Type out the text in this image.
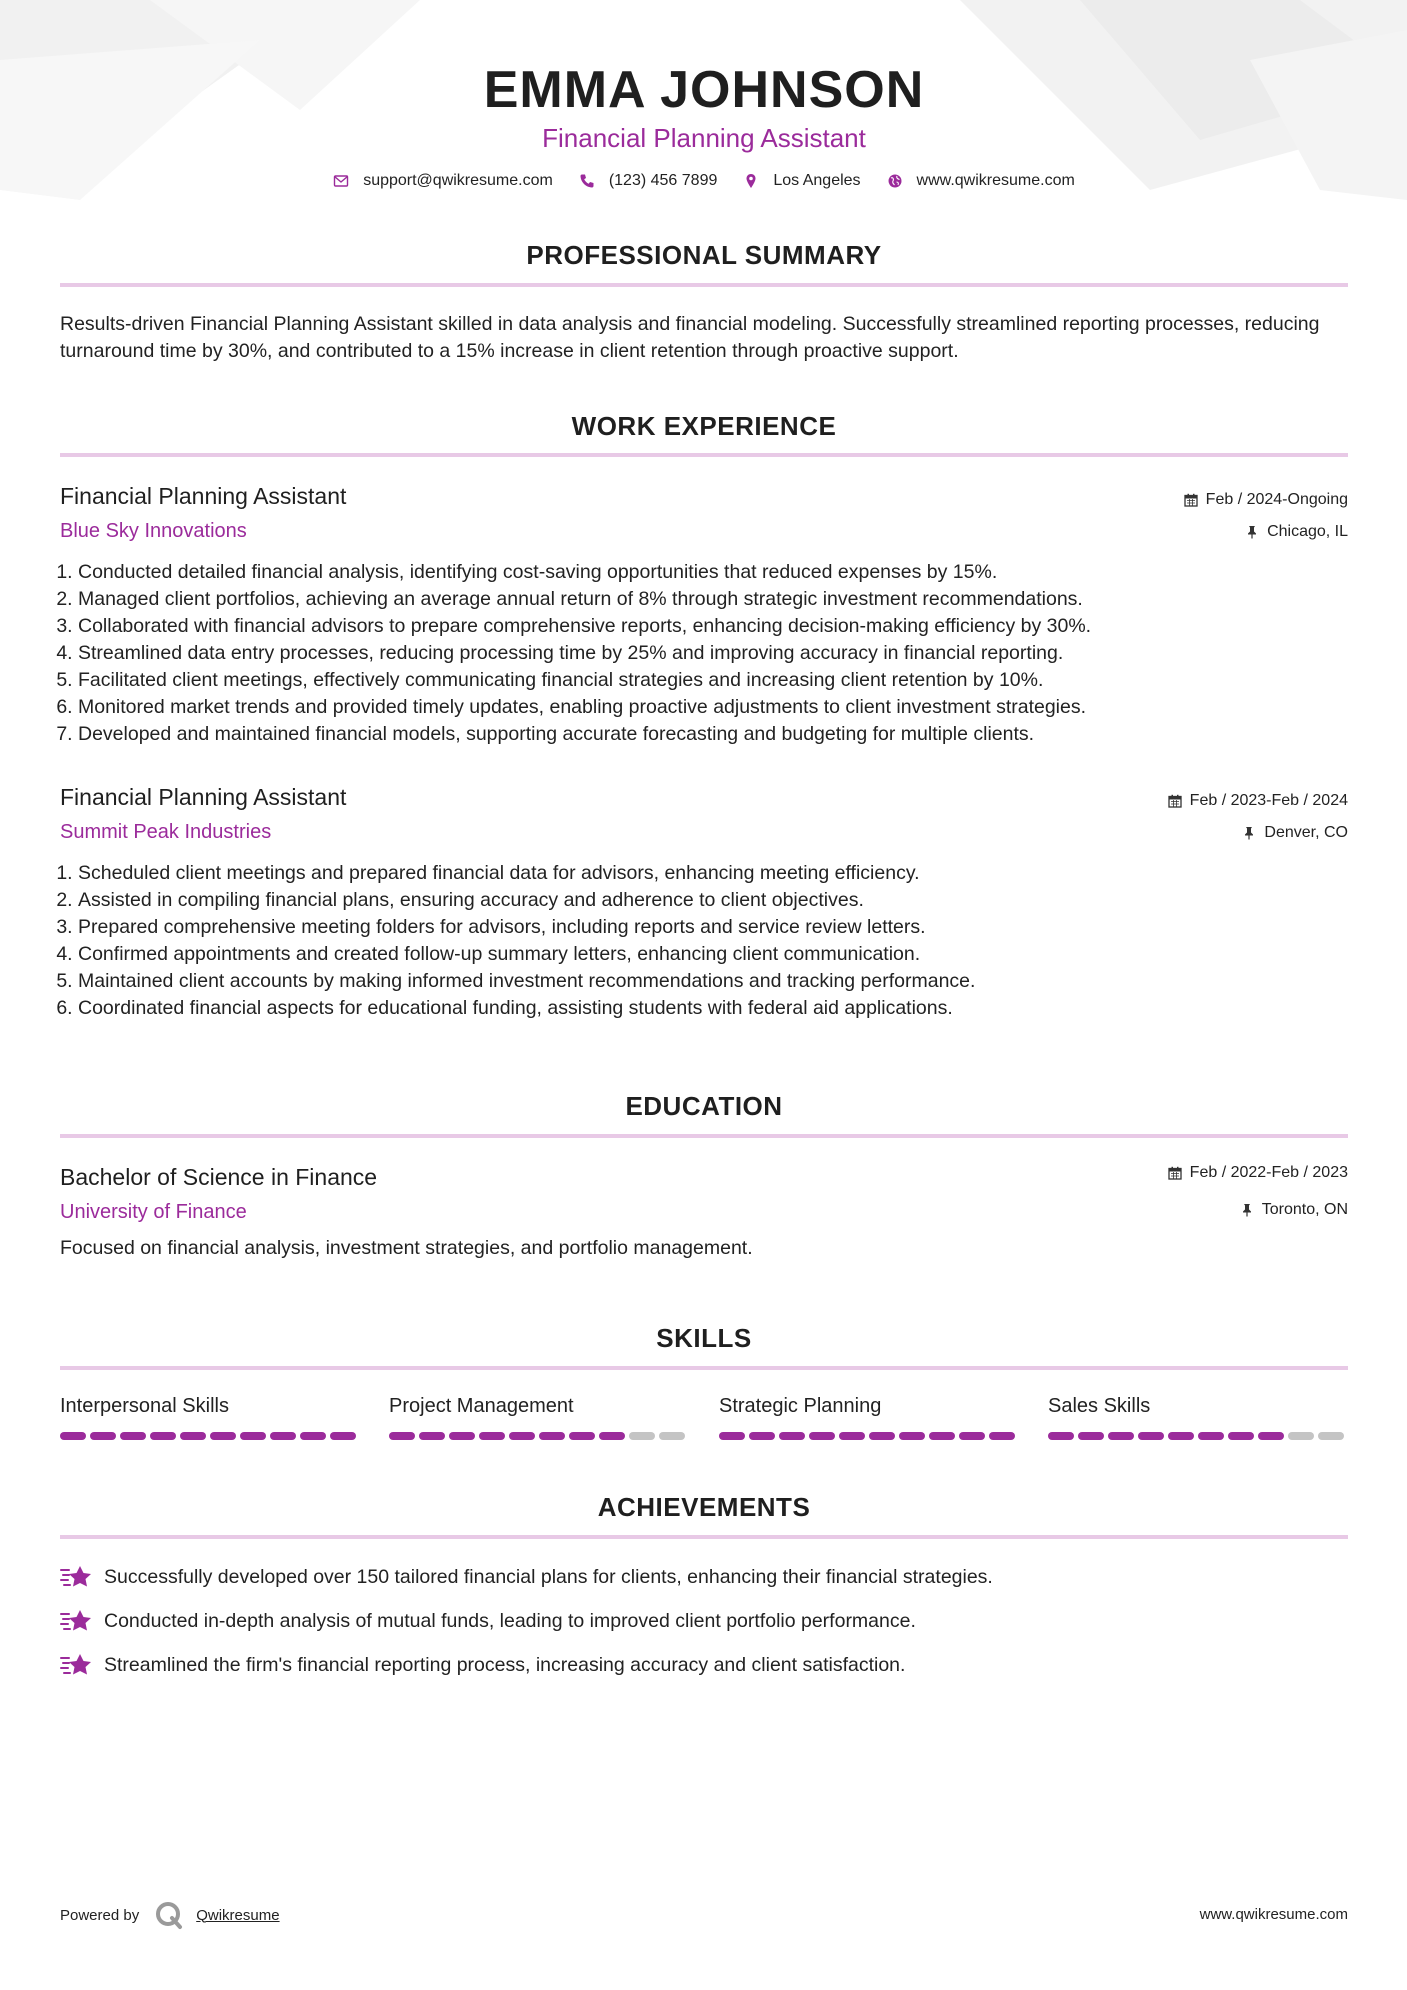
EMMA JOHNSON
Financial Planning Assistant
support@qwikresume.com	(123) 456 7899	Los Angeles	www.qwikresume.com
PROFESSIONAL SUMMARY
Results-driven Financial Planning Assistant skilled in data analysis and financial modeling. Successfully streamlined reporting processes, reducing turnaround time by 30%, and contributed to a 15% increase in client retention through proactive support.
WORK EXPERIENCE
Financial Planning Assistant
Blue Sky Innovations
Feb / 2024-Ongoing
Chicago, IL
1. Conducted detailed financial analysis, identifying cost-saving opportunities that reduced expenses by 15%.
2. Managed client portfolios, achieving an average annual return of 8% through strategic investment recommendations.
3. Collaborated with financial advisors to prepare comprehensive reports, enhancing decision-making efficiency by 30%.
4. Streamlined data entry processes, reducing processing time by 25% and improving accuracy in financial reporting.
5. Facilitated client meetings, effectively communicating financial strategies and increasing client retention by 10%.
6. Monitored market trends and provided timely updates, enabling proactive adjustments to client investment strategies.
7. Developed and maintained financial models, supporting accurate forecasting and budgeting for multiple clients.
Financial Planning Assistant
Summit Peak Industries
Feb / 2023-Feb / 2024
Denver, CO
1. Scheduled client meetings and prepared financial data for advisors, enhancing meeting efficiency.
2. Assisted in compiling financial plans, ensuring accuracy and adherence to client objectives.
3. Prepared comprehensive meeting folders for advisors, including reports and service review letters.
4. Confirmed appointments and created follow-up summary letters, enhancing client communication.
5. Maintained client accounts by making informed investment recommendations and tracking performance.
6. Coordinated financial aspects for educational funding, assisting students with federal aid applications.
EDUCATION
Bachelor of Science in Finance
University of Finance
Feb / 2022-Feb / 2023
Toronto, ON
Focused on financial analysis, investment strategies, and portfolio management.
SKILLS
Interpersonal Skills	Project Management	Strategic Planning	Sales Skills
ACHIEVEMENTS
Successfully developed over 150 tailored financial plans for clients, enhancing their financial strategies.
Conducted in-depth analysis of mutual funds, leading to improved client portfolio performance.
Streamlined the firm's financial reporting process, increasing accuracy and client satisfaction.
Powered by	Qwikresume	www.qwikresume.com
